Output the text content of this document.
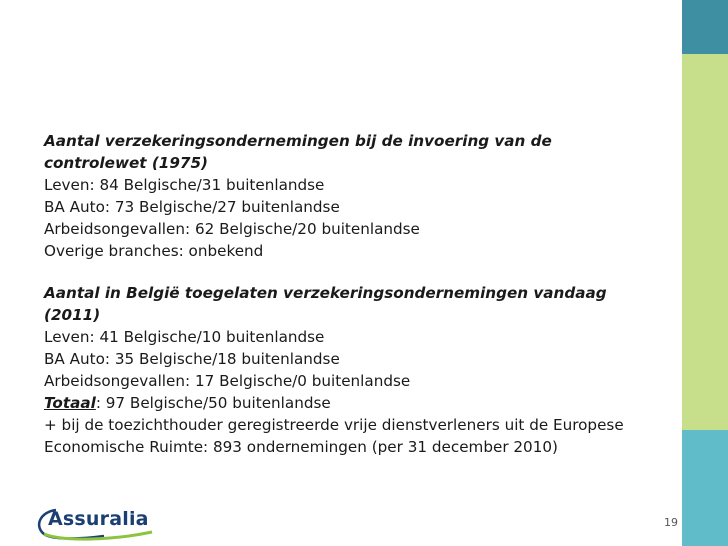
Aantal verzekeringsondernemingen bij de invoering van de
controlewet (1975)
Leven: 84 Belgische/31 buitenlandse
BA Auto: 73 Belgische/27 buitenlandse
Arbeidsongevallen: 62 Belgische/20 buitenlandse
Overige branches: onbekend
Aantal in België toegelaten verzekeringsondernemingen vandaag
(2011)
Leven: 41 Belgische/10 buitenlandse
BA Auto: 35 Belgische/18 buitenlandse
Arbeidsongevallen: 17 Belgische/0 buitenlandse
Totaal: 97 Belgische/50 buitenlandse
+ bij de toezichthouder geregistreerde vrije dienstverleners uit de Europese
Economische Ruimte: 893 ondernemingen (per 31 december 2010)
Assuralia	19
